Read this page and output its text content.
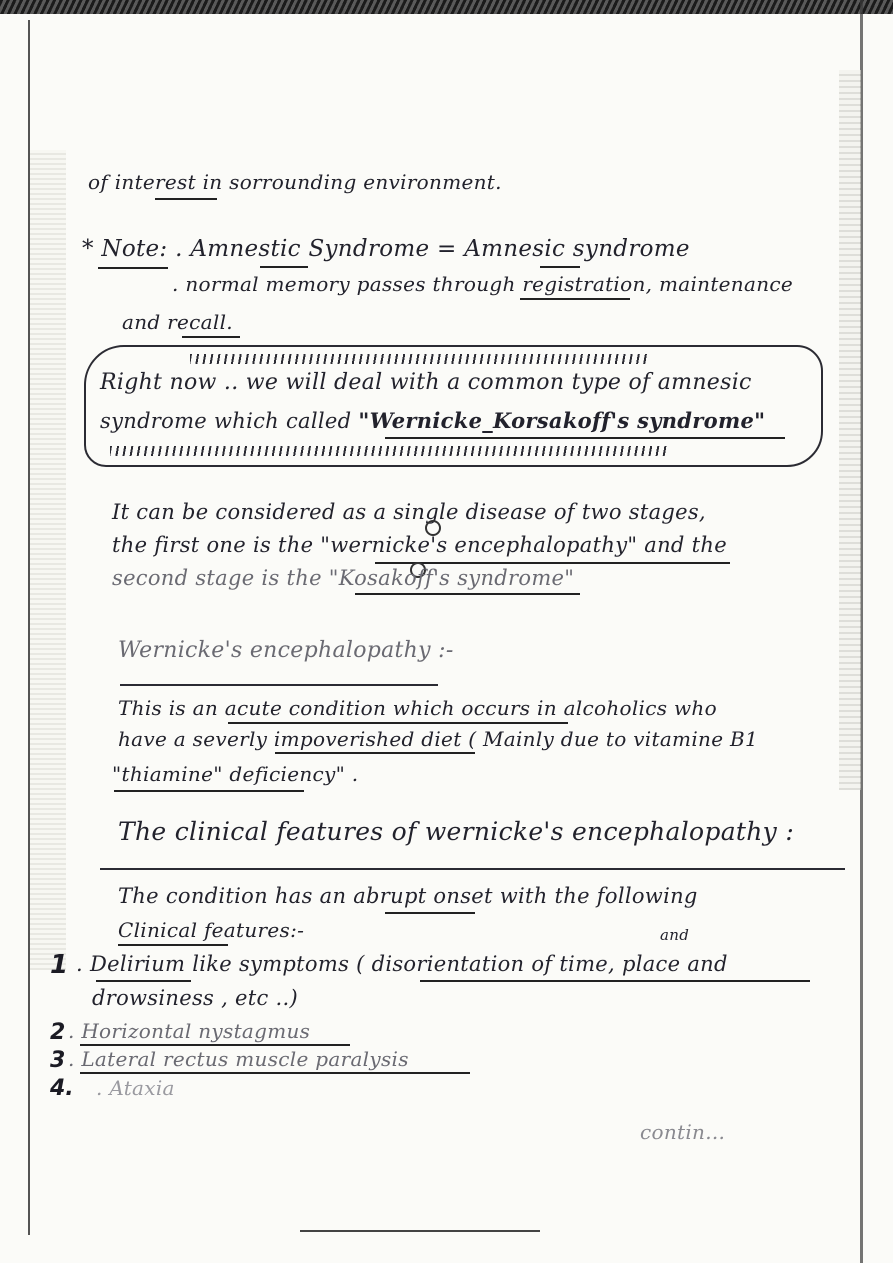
of interest in sorrounding environment.
* Note: . Amnestic Syndrome = Amnesic syndrome
. normal memory passes through registration, maintenance
and recall.
Right now .. we will deal with a common type of amnesic
syndrome which called "Wernicke_Korsakoff's syndrome"
It can be considered as a single disease of two stages,
the first one is the "wernicke's encephalopathy" and the
second stage is the "Kosakoff's syndrome"
Wernicke's encephalopathy :-
This is an acute condition which occurs in alcoholics who
have a severly impoverished diet ( Mainly due to vitamine B1
"thiamine" deficiency" .
The clinical features of wernicke's encephalopathy :
The condition has an abrupt onset with the following
Clinical features:-	and
1 . Delirium like symptoms ( disorientation of time, place and
drowsiness , etc ..)
2 . Horizontal nystagmus
3 . Lateral rectus muscle paralysis
4. . Ataxia
contin...
